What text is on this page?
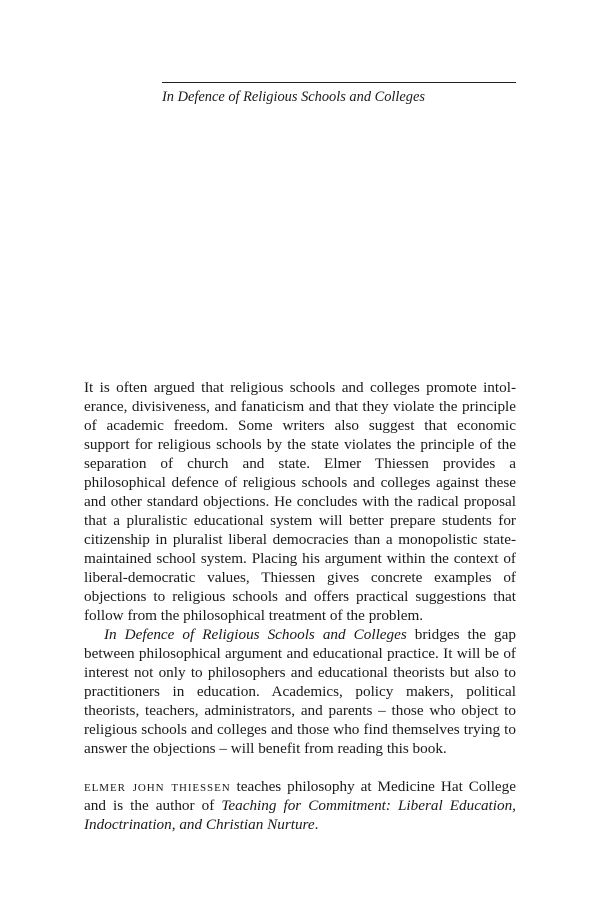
In Defence of Religious Schools and Colleges

It is often argued that religious schools and colleges promote intolerance, divisiveness, and fanaticism and that they violate the principle of academic freedom. Some writers also suggest that economic support for religious schools by the state violates the principle of the separation of church and state. Elmer Thiessen provides a philosophical defence of religious schools and colleges against these and other standard objections. He concludes with the radical proposal that a pluralistic educational system will better prepare students for citizenship in pluralist liberal democracies than a monopolistic state-maintained school system. Placing his argument within the context of liberal-democratic values, Thiessen gives concrete examples of objections to religious schools and offers practical suggestions that follow from the philosophical treatment of the problem.

In Defence of Religious Schools and Colleges bridges the gap between philosophical argument and educational practice. It will be of interest not only to philosophers and educational theorists but also to practitioners in education. Academics, policy makers, political theorists, teachers, administrators, and parents – those who object to religious schools and colleges and those who find themselves trying to answer the objections – will benefit from reading this book.

elmer john thiessen teaches philosophy at Medicine Hat College and is the author of Teaching for Commitment: Liberal Education, Indoctrination, and Christian Nurture.
